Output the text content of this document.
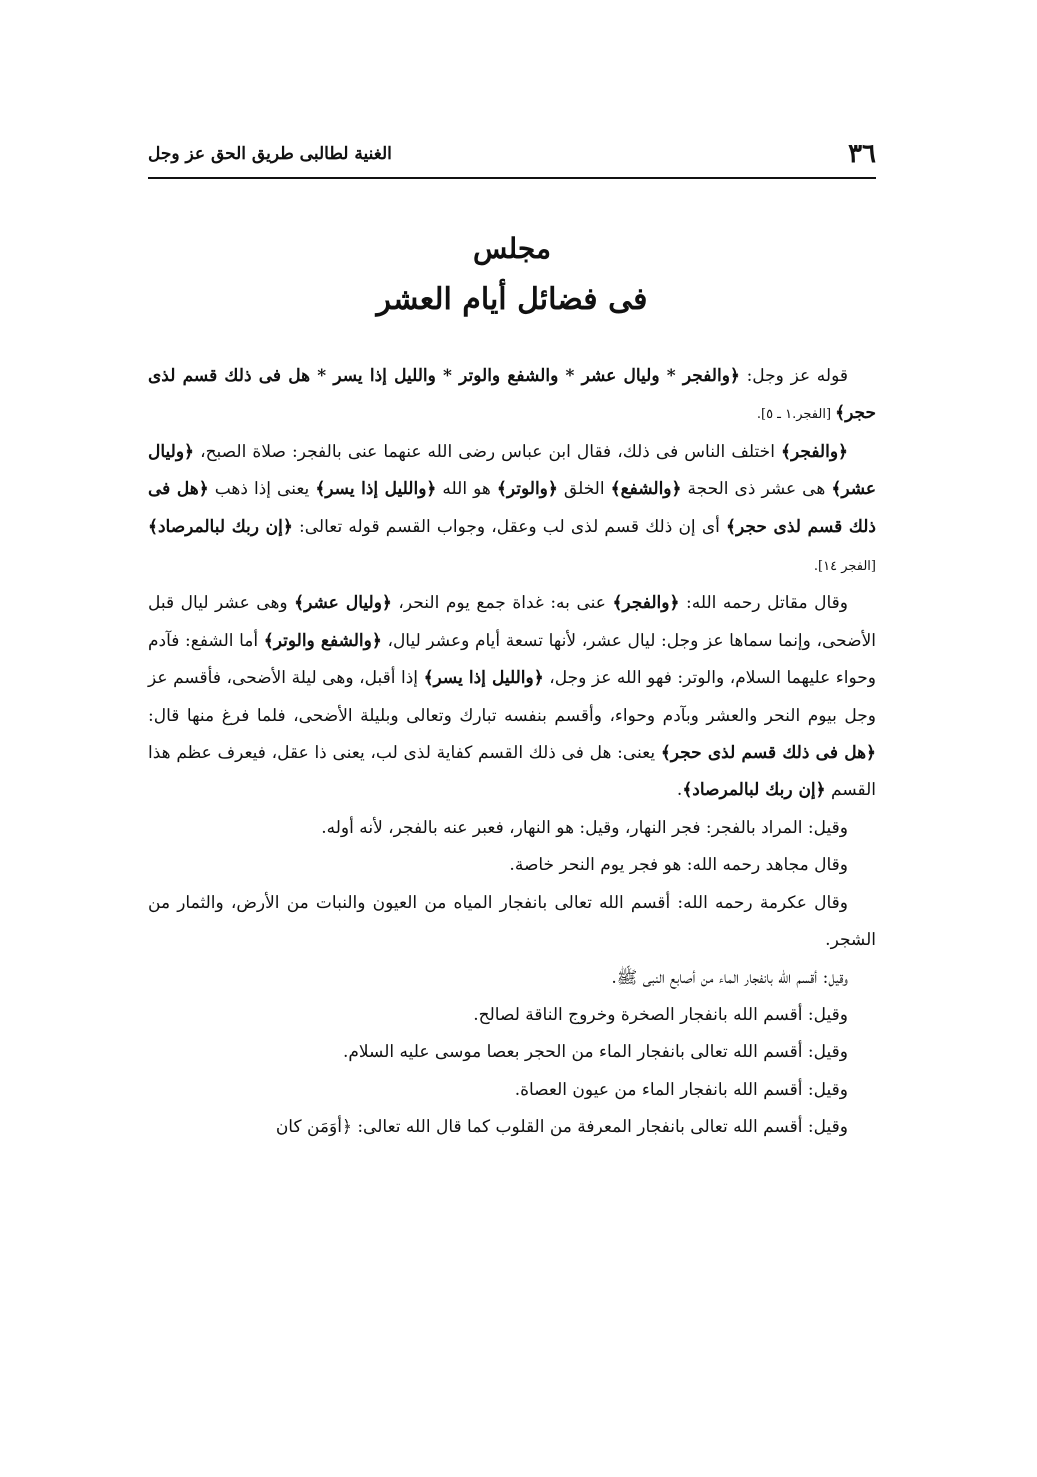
٣٦
الغنية لطالبى طريق الحق عز وجل
مجلس
فى فضائل أيام العشر

قوله عز وجل: ﴿والفجر * وليال عشر * والشفع والوتر * والليل إذا يسر * هل فى ذلك قسم لذى حجر﴾ [الفجر.١ ـ ٥].

﴿والفجر﴾ اختلف الناس فى ذلك، فقال ابن عباس رضى الله عنهما عنى بالفجر: صلاة الصبح، ﴿وليال عشر﴾ هى عشر ذى الحجة ﴿والشفع﴾ الخلق ﴿والوتر﴾ هو الله ﴿والليل إذا يسر﴾ يعنى إذا ذهب ﴿هل فى ذلك قسم لذى حجر﴾ أى إن ذلك قسم لذى لب وعقل، وجواب القسم قوله تعالى: ﴿إن ربك لبالمرصاد﴾ [الفجر ١٤].

وقال مقاتل رحمه الله: ﴿والفجر﴾ عنى به: غداة جمع يوم النحر، ﴿وليال عشر﴾ وهى عشر ليال قبل الأضحى، وإنما سماها عز وجل: ليال عشر، لأنها تسعة أيام وعشر ليال، ﴿والشفع والوتر﴾ أما الشفع: فآدم وحواء عليهما السلام، والوتر: فهو الله عز وجل، ﴿والليل إذا يسر﴾ إذا أقبل، وهى ليلة الأضحى، فأقسم عز وجل بيوم النحر والعشر وبآدم وحواء، وأقسم بنفسه تبارك وتعالى وبليلة الأضحى، فلما فرغ منها قال: ﴿هل فى ذلك قسم لذى حجر﴾ يعنى: هل فى ذلك القسم كفاية لذى لب، يعنى ذا عقل، فيعرف عظم هذا القسم ﴿إن ربك لبالمرصاد﴾.

وقيل: المراد بالفجر: فجر النهار، وقيل: هو النهار، فعبر عنه بالفجر، لأنه أوله.

وقال مجاهد رحمه الله: هو فجر يوم النحر خاصة.

وقال عكرمة رحمه الله: أقسم الله تعالى بانفجار المياه من العيون والنبات من الأرض، والثمار من الشجر.

وقيل: أقسم الله بانفجار الماء من أصابع النبى ﷺ.

وقيل: أقسم الله بانفجار الصخرة وخروج الناقة لصالح.

وقيل: أقسم الله تعالى بانفجار الماء من الحجر بعصا موسى عليه السلام.

وقيل: أقسم الله بانفجار الماء من عيون العصاة.

وقيل: أقسم الله تعالى بانفجار المعرفة من القلوب كما قال الله تعالى: ﴿أوَمَن كان
